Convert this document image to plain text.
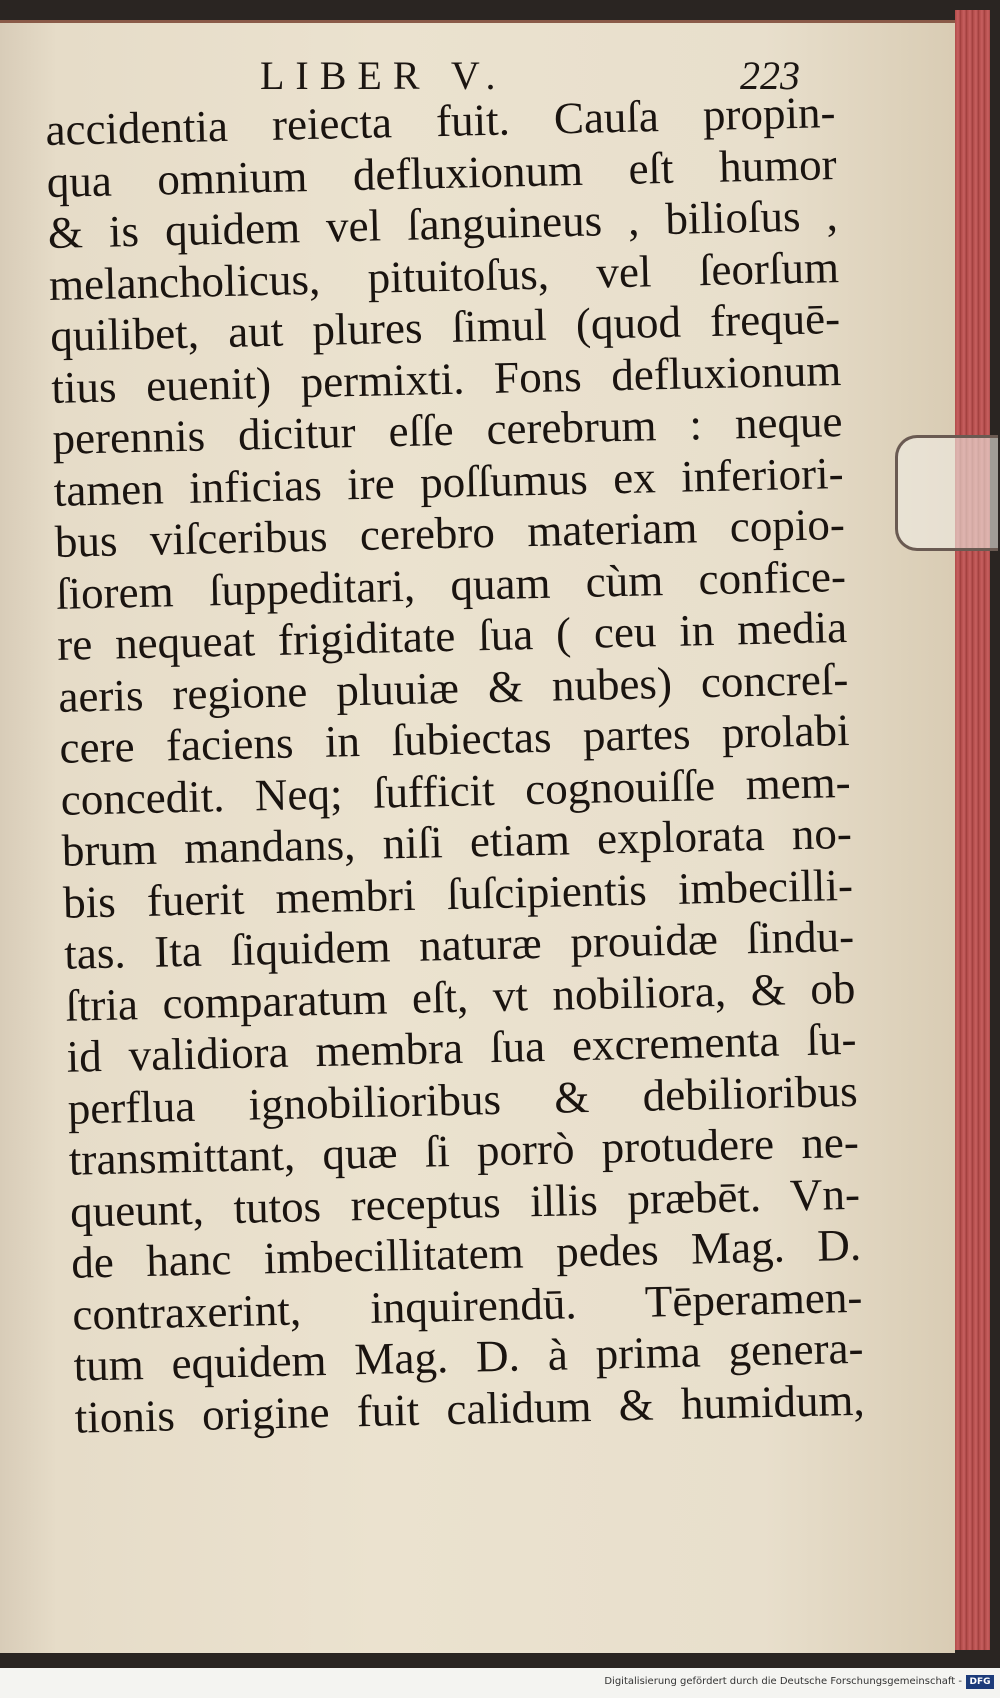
LIBER V.	223
accidentia reiecta fuit. Cauſa propin-
qua omnium defluxionum eſt humor
& is quidem vel ſanguineus , bilioſus ,
melancholicus, pituitoſus, vel ſeorſum
quilibet, aut plures ſimul (quod frequē-
tius euenit) permixti. Fons defluxionum
perennis dicitur eſſe cerebrum : neque
tamen inficias ire poſſumus ex inferiori-
bus viſceribus cerebro materiam copio-
ſiorem ſuppeditari, quam cùm confice-
re nequeat frigiditate ſua ( ceu in media
aeris regione pluuiæ & nubes) concreſ-
cere faciens in ſubiectas partes prolabi
concedit. Neq; ſufficit cognouiſſe mem-
brum mandans, niſi etiam explorata no-
bis fuerit membri ſuſcipientis imbecilli-
tas. Ita ſiquidem naturæ prouidæ ſindu-
ſtria comparatum eſt, vt nobiliora, & ob
id validiora membra ſua excrementa ſu-
perflua ignobilioribus & debilioribus
transmittant, quæ ſi porrò protudere ne-
queunt, tutos receptus illis præbēt. Vn-
de hanc imbecillitatem pedes Mag. D.
contraxerint, inquirendū. Tēperamen-
tum equidem Mag. D. à prima genera-
tionis origine fuit calidum & humidum,
Digitalisierung gefördert durch die Deutsche Forschungsgemeinschaft - DFG
